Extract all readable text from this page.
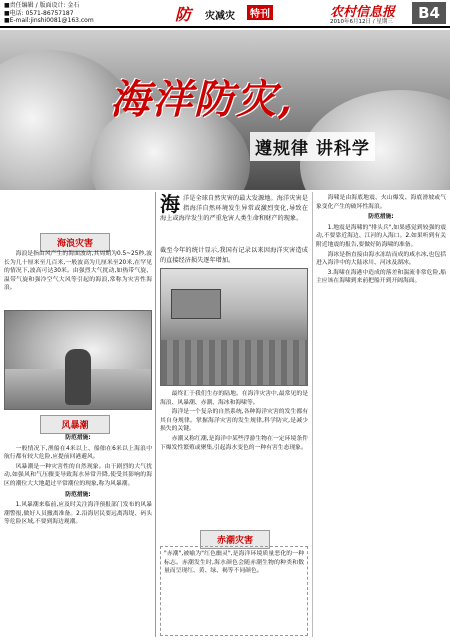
■责任编辑 / 版面设计: 金石
■电话: 0571-86757187
■E-mail:jinshi0081@163.com	防 灾减灾	特刊	农村信息报
2010年6月12日 / 星期三	B4
海洋防灾,
遵规律 讲科学
海浪灾害

海浪是指由风产生的海面波动,其周期为0.5~25秒,波长为几十厘米至几百米,一般波高为几厘米至20米,在罕见的情况下,波高可达30米。由强烈大气扰动,如热带气旋、温带气旋和强冷空气大风等引起的海浪,常称为灾害性海浪。

风暴潮

防范措施:

一般情况下,渔船在4米以上、船舶在6米以上海浪中航行都有较大危险,应提前回港避风。

风暴潮是一种灾害性的自然现象。由于剧烈的大气扰动,如强风和气压骤变导致海水异常升降,使受其影响的海区的潮位大大地超过平常潮位的现象,称为风暴潮。

防范措施:

1.风暴潮来临前,应及时关注海洋预报部门发布的风暴潮警报,做好人员撤离准备。2.沿海居民要远离海堤、码头等危险区域,不要到海边观潮。

海 洋是全球自然灾害的最大发源地。海洋灾害是指海洋自然环境发生异常或激烈变化,导致在海上或海岸发生的严重危害人类生命和财产的现象。
截至今年的统计显示,我国有记录以来因海洋灾害造成的直接经济损失逐年增加。

最终汇于我们生存的陆地。在海洋灾害中,最常见的是海浪、风暴潮、赤潮、海冰和海啸等。

海洋是一个复杂的自然系统,各种海洋灾害的发生都有其自身规律。掌握海洋灾害的发生规律,科学防灾,是减少损失的关键。

赤潮又称红潮,是海洋中某些浮游生物在一定环境条件下爆发性繁殖或聚集,引起海水变色的一种有害生态现象。

赤潮灾害
"赤潮",被喻为"红色幽灵",是海洋环境质量恶化的一种标志。赤潮发生时,海水颜色会随赤潮生物的种类和数量而呈现红、黄、绿、褐等不同颜色。

海啸是由海底地震、火山爆发、海底滑坡或气象变化产生的破坏性海浪。

防范措施:

1.地震是海啸的"排头兵",如果感觉到较强的震动,不要靠近海边、江河的入海口。2.如果听到有关附近地震的报告,要做好防海啸的准备。

海冰是指直接由海水冻结而成的咸水冰,也包括进入海洋中的大陆冰川、河冰及湖冰。

3.海啸在海港中造成的落差和湍流非常危险,船主应该在海啸到来前把船开到开阔海面。
